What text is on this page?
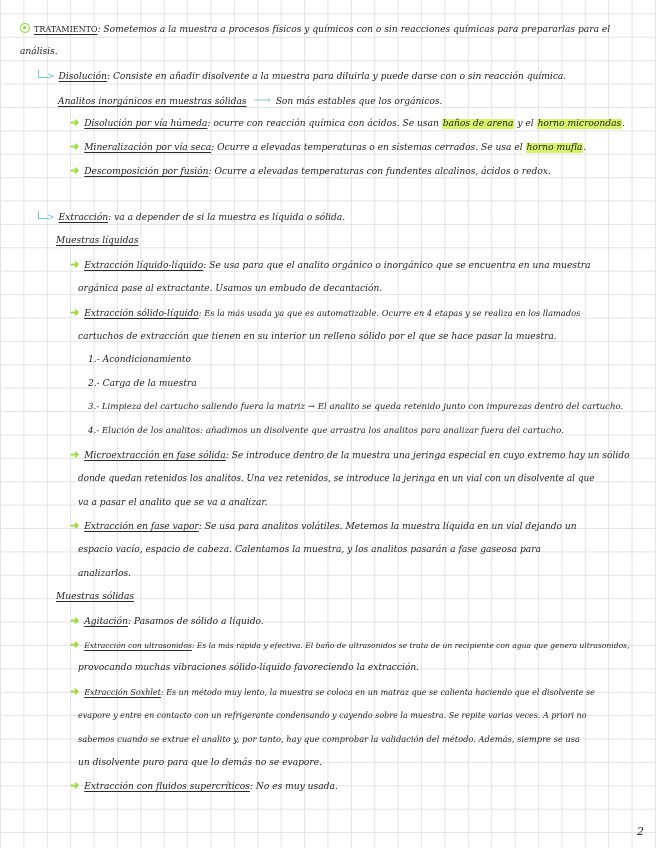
TRATAMIENTO: Sometemos a la muestra a procesos físicos y químicos con o sin reacciones químicas para prepararlas para el
análisis.
> Disolución: Consiste en añadir disolvente a la muestra para diluirla y puede darse con o sin reacción química.
Analitos inorgánicos en muestras sólidas ⟶ Son más estables que los orgánicos.
➜ Disolución por vía húmeda: ocurre con reacción química con ácidos. Se usan baños de arena y el horno microondas.
➜ Mineralización por vía seca: Ocurre a elevadas temperaturas o en sistemas cerrados. Se usa el horno mufla.
➜ Descomposición por fusión: Ocurre a elevadas temperaturas con fundentes alcalinos, ácidos o redox.
> Extracción: va a depender de si la muestra es líquida o sólida.
Muestras líquidas
➜ Extracción líquido-líquido: Se usa para que el analito orgánico o inorgánico que se encuentra en una muestra
orgánica pase al extractante. Usamos un embudo de decantación.
➜ Extracción sólido-líquido: Es la más usada ya que es automatizable. Ocurre en 4 etapas y se realiza en los llamados
cartuchos de extracción que tienen en su interior un relleno sólido por el que se hace pasar la muestra.
1.- Acondicionamiento
2.- Carga de la muestra
3.- Limpieza del cartucho saliendo fuera la matriz → El analito se queda retenido junto con impurezas dentro del cartucho.
4.- Elución de los analitos: añadimos un disolvente que arrastra los analitos para analizar fuera del cartucho.
➜ Microextracción en fase sólida: Se introduce dentro de la muestra una jeringa especial en cuyo extremo hay un sólido
donde quedan retenidos los analitos. Una vez retenidos, se introduce la jeringa en un vial con un disolvente al que
va a pasar el analito que se va a analizar.
➜ Extracción en fase vapor: Se usa para analitos volátiles. Metemos la muestra líquida en un vial dejando un
espacio vacío, espacio de cabeza. Calentamos la muestra, y los analitos pasarán a fase gaseosa para
analizarlos.
Muestras sólidas
➜ Agitación: Pasamos de sólido a líquido.
➜ Extracción con ultrasonidos: Es la más rápida y efectiva. El baño de ultrasonidos se trata de un recipiente con agua que genera ultrasonidos,
provocando muchas vibraciones sólido-líquido favoreciendo la extracción.
➜ Extracción Soxhlet: Es un método muy lento, la muestra se coloca en un matraz que se calienta haciendo que el disolvente se
evapore y entre en contacto con un refrigerante condensando y cayendo sobre la muestra. Se repite varias veces. A priori no
sabemos cuando se extrae el analito y, por tanto, hay que comprobar la validación del método. Además, siempre se usa
un disolvente puro para que lo demás no se evapore.
➜ Extracción con fluidos supercríticos: No es muy usada.
2
